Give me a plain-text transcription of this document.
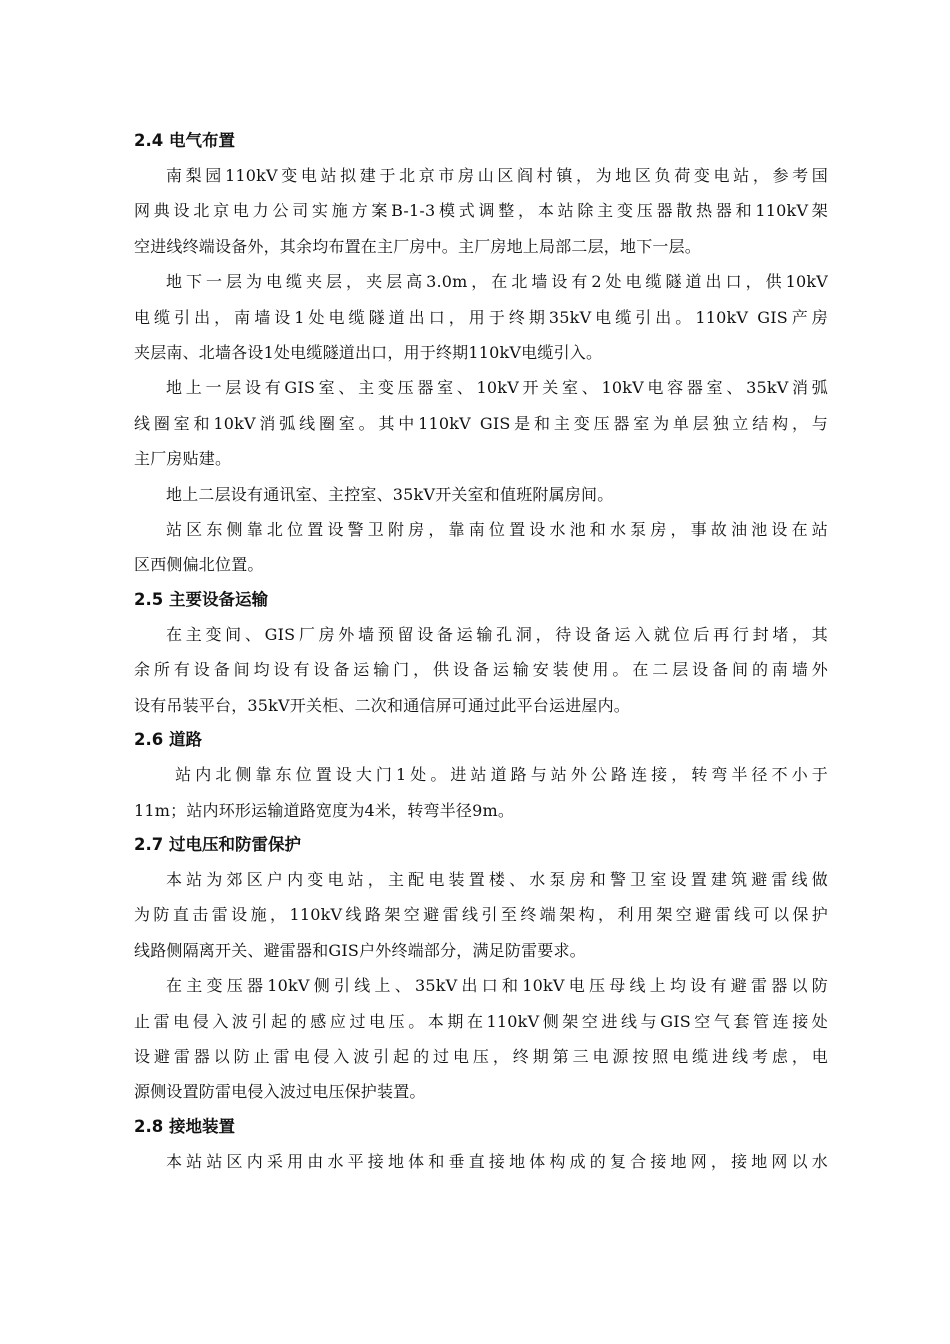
2.4 电气布置

南梨园110kV变电站拟建于北京市房山区阎村镇，为地区负荷变电站，参考国
网典设北京电力公司实施方案B-1-3模式调整，本站除主变压器散热器和110kV架
空进线终端设备外，其余均布置在主厂房中。主厂房地上局部二层，地下一层。

地下一层为电缆夹层，夹层高3.0m，在北墙设有2处电缆隧道出口，供10kV
电缆引出，南墙设1处电缆隧道出口，用于终期35kV电缆引出。110kV GIS产房
夹层南、北墙各设1处电缆隧道出口，用于终期110kV电缆引入。

地上一层设有GIS室、主变压器室、10kV开关室、10kV电容器室、35kV消弧
线圈室和10kV消弧线圈室。其中110kV GIS是和主变压器室为单层独立结构，与
主厂房贴建。

地上二层设有通讯室、主控室、35kV开关室和值班附属房间。

站区东侧靠北位置设警卫附房，靠南位置设水池和水泵房，事故油池设在站
区西侧偏北位置。

2.5 主要设备运输

在主变间、GIS厂房外墙预留设备运输孔洞，待设备运入就位后再行封堵，其
余所有设备间均设有设备运输门，供设备运输安装使用。在二层设备间的南墙外
设有吊装平台，35kV开关柜、二次和通信屏可通过此平台运进屋内。

2.6 道路

站内北侧靠东位置设大门1处。进站道路与站外公路连接，转弯半径不小于
11m；站内环形运输道路宽度为4米，转弯半径9m。

2.7 过电压和防雷保护

本站为郊区户内变电站，主配电装置楼、水泵房和警卫室设置建筑避雷线做
为防直击雷设施，110kV线路架空避雷线引至终端架构，利用架空避雷线可以保护
线路侧隔离开关、避雷器和GIS户外终端部分，满足防雷要求。

在主变压器10kV侧引线上、35kV出口和10kV电压母线上均设有避雷器以防
止雷电侵入波引起的感应过电压。本期在110kV侧架空进线与GIS空气套管连接处
设避雷器以防止雷电侵入波引起的过电压，终期第三电源按照电缆进线考虑，电
源侧设置防雷电侵入波过电压保护装置。

2.8 接地装置

本站站区内采用由水平接地体和垂直接地体构成的复合接地网，接地网以水
